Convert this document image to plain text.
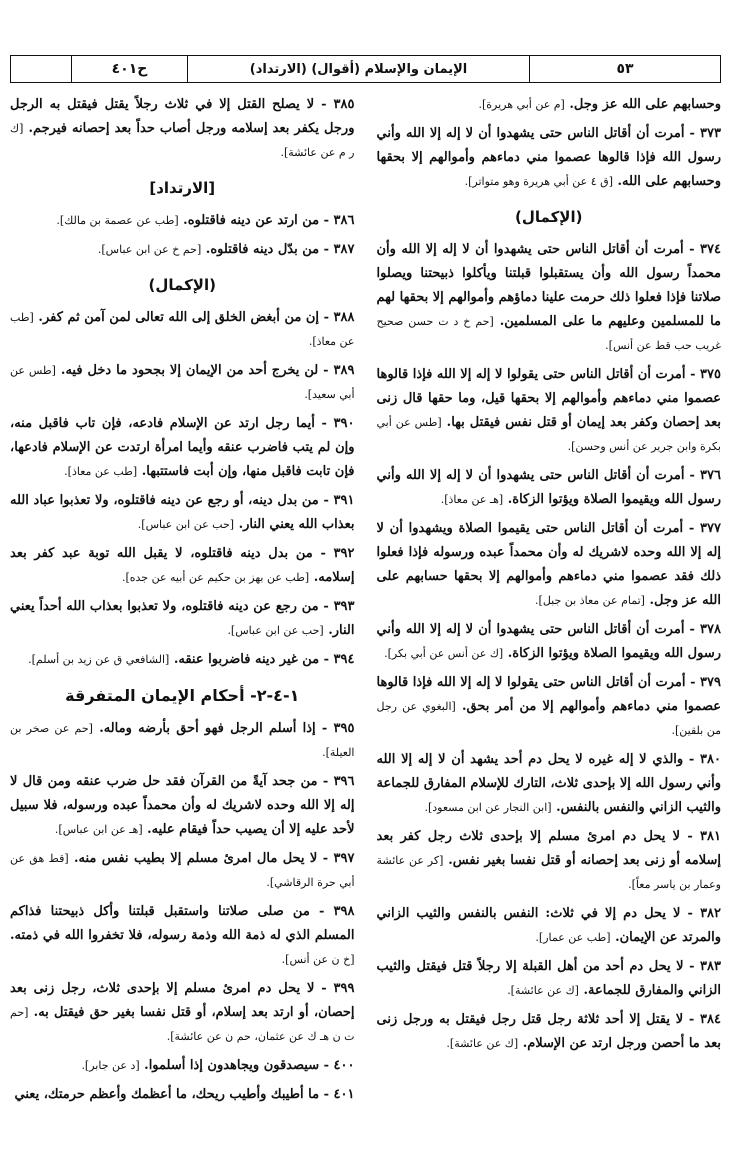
٥٣
الإيمان والإسلام (أقوال) (الارتداد)
ح٤٠١

وحسابهم على الله عز وجل. [م عن أبي هريرة].

٣٧٣ - أمرت أن أقاتل الناس حتى يشهدوا أن لا إله إلا الله وأني رسول الله فإذا قالوها عصموا مني دماءهم وأموالهم إلا بحقها وحسابهم على الله. [ق ٤ عن أبي هريرة وهو متواتر].

(الإكمال)

٣٧٤ - أمرت أن أقاتل الناس حتى يشهدوا أن لا إله إلا الله وأن محمداً رسول الله وأن يستقبلوا قبلتنا ويأكلوا ذبيحتنا ويصلوا صلاتنا فإذا فعلوا ذلك حرمت علينا دماؤهم وأموالهم إلا بحقها لهم ما للمسلمين وعليهم ما على المسلمين. [حم خ د ت حسن صحيح غريب حب قط عن أنس].

٣٧٥ - أمرت أن أقاتل الناس حتى يقولوا لا إله إلا الله فإذا قالوها عصموا مني دماءهم وأموالهم إلا بحقها قيل، وما حقها قال زنى بعد إحصان وكفر بعد إيمان أو قتل نفس فيقتل بها. [طس عن أبي بكرة وابن جرير عن أنس وحسن].

٣٧٦ - أمرت أن أقاتل الناس حتى يشهدوا أن لا إله إلا الله وأني رسول الله ويقيموا الصلاة ويؤتوا الزكاة. [هـ عن معاذ].

٣٧٧ - أمرت أن أقاتل الناس حتى يقيموا الصلاة ويشهدوا أن لا إله إلا الله وحده لاشريك له وأن محمداً عبده ورسوله فإذا فعلوا ذلك فقد عصموا مني دماءهم وأموالهم إلا بحقها حسابهم على الله عز وجل. [تمام عن معاذ بن جبل].

٣٧٨ - أمرت أن أقاتل الناس حتى يشهدوا أن لا إله إلا الله وأني رسول الله ويقيموا الصلاة ويؤتوا الزكاة. [ك عن أنس عن أبي بكر].

٣٧٩ - أمرت أن أقاتل الناس حتى يقولوا لا إله إلا الله فإذا قالوها عصموا مني دماءهم وأموالهم إلا من أمر بحق. [البغوي عن رجل من بلقين].

٣٨٠ - والذي لا إله غيره لا يحل دم أحد يشهد أن لا إله إلا الله وأني رسول الله إلا بإحدى ثلاث، التارك للإسلام المفارق للجماعة والثيب الزاني والنفس بالنفس. [ابن النجار عن ابن مسعود].

٣٨١ - لا يحل دم امرئ مسلم إلا بإحدى ثلاث رجل كفر بعد إسلامه أو زنى بعد إحصانه أو قتل نفسا بغير نفس. [كر عن عائشة وعمار بن ياسر معاً].

٣٨٢ - لا يحل دم إلا في ثلاث: النفس بالنفس والثيب الزاني والمرتد عن الإيمان. [طب عن عمار].

٣٨٣ - لا يحل دم أحد من أهل القبلة إلا رجلاً قتل فيقتل والثيب الزاني والمفارق للجماعة. [ك عن عائشة].

٣٨٤ - لا يقتل إلا أحد ثلاثة رجل قتل رجل فيقتل به ورجل زنى بعد ما أحصن ورجل ارتد عن الإسلام. [ك عن عائشة].

٣٨٥ - لا يصلح القتل إلا في ثلاث رجلاً يقتل فيقتل به الرجل ورجل يكفر بعد إسلامه ورجل أصاب حداً بعد إحصانه فيرجم. [ك ر م عن عائشة].

[الارتداد]

٣٨٦ - من ارتد عن دينه فاقتلوه. [طب عن عصمة بن مالك].

٣٨٧ - من بدّل دينه فاقتلوه. [حم خ عن ابن عباس].

(الإكمال)

٣٨٨ - إن من أبغض الخلق إلى الله تعالى لمن آمن ثم كفر. [طب عن معاذ].

٣٨٩ - لن يخرج أحد من الإيمان إلا بجحود ما دخل فيه. [طس عن أبي سعيد].

٣٩٠ - أيما رجل ارتد عن الإسلام فادعه، فإن تاب فاقبل منه، وإن لم يتب فاضرب عنقه وأيما امرأة ارتدت عن الإسلام فادعها، فإن تابت فاقبل منها، وإن أبت فاستتبها. [طب عن معاذ].

٣٩١ - من بدل دينه، أو رجع عن دينه فاقتلوه، ولا تعذبوا عباد الله بعذاب الله يعني النار. [حب عن ابن عباس].

٣٩٢ - من بدل دينه فاقتلوه، لا يقبل الله توبة عبد كفر بعد إسلامه. [طب عن بهز بن حكيم عن أبيه عن جده].

٣٩٣ - من رجع عن دينه فاقتلوه، ولا تعذبوا بعذاب الله أحداً يعني النار. [حب عن ابن عباس].

٣٩٤ - من غير دينه فاضربوا عنقه. [الشافعي ق عن زيد بن أسلم].

١-٤-٢- أحكام الإيمان المتفرقة

٣٩٥ - إذا أسلم الرجل فهو أحق بأرضه وماله. [حم عن صخر بن العيلة].

٣٩٦ - من جحد آيةً من القرآن فقد حل ضرب عنقه ومن قال لا إله إلا الله وحده لاشريك له وأن محمداً عبده ورسوله، فلا سبيل لأحد عليه إلا أن يصيب حداً فيقام عليه. [هـ عن ابن عباس].

٣٩٧ - لا يحل مال امرئ مسلم إلا بطيب نفس منه. [قط هق عن أبي حرة الرقاشي].

٣٩٨ - من صلى صلاتنا واستقبل قبلتنا وأكل ذبيحتنا فذاكم المسلم الذي له ذمة الله وذمة رسوله، فلا تخفروا الله في ذمته. [خ ن عن أنس].

٣٩٩ - لا يحل دم امرئ مسلم إلا بإحدى ثلاث، رجل زنى بعد إحصان، أو ارتد بعد إسلام، أو قتل نفسا بغير حق فيقتل به. [حم ت ن هـ ك عن عثمان، حم ن عن عائشة].

٤٠٠ - سيصدقون ويجاهدون إذا أسلموا. [د عن جابر].

٤٠١ - ما أطيبك وأطيب ريحك، ما أعظمك وأعظم حرمتك، يعني
